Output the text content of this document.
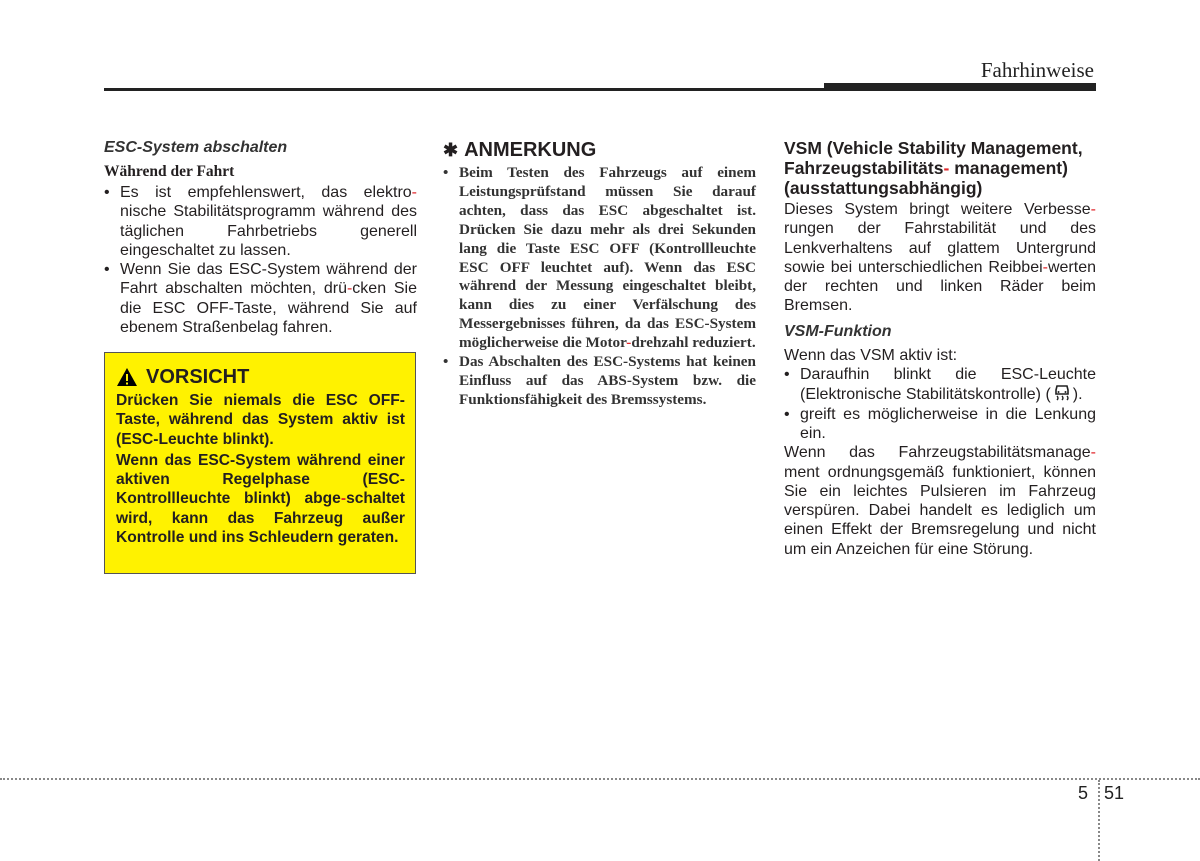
Fahrhinweise

ESC-System abschalten

Während der Fahrt

• Es ist empfehlenswert, das elektro- nische Stabilitätsprogramm während des täglichen Fahrbetriebs generell eingeschaltet zu lassen.
• Wenn Sie das ESC-System während der Fahrt abschalten möchten, drü-cken Sie die ESC OFF-Taste, während Sie auf ebenem Straßenbelag fahren.
VORSICHT

Drücken Sie niemals die ESC OFF-Taste, während das System aktiv ist (ESC-Leuchte blinkt).

Wenn das ESC-System während einer aktiven Regelphase (ESC-Kontrollleuchte blinkt) abge-schaltet wird, kann das Fahrzeug außer Kontrolle und ins Schleudern geraten.

✱ ANMERKUNG
• Beim Testen des Fahrzeugs auf einem Leistungsprüfstand müssen Sie darauf achten, dass das ESC abgeschaltet ist. Drücken Sie dazu mehr als drei Sekunden lang die Taste ESC OFF (Kontrollleuchte ESC OFF leuchtet auf). Wenn das ESC während der Messung eingeschaltet bleibt, kann dies zu einer Verfälschung des Messergebnisses führen, da das ESC-System möglicherweise die Motor-drehzahl reduziert.
• Das Abschalten des ESC-Systems hat keinen Einfluss auf das ABS-System bzw. die Funktionsfähigkeit des Bremssystems.

VSM (Vehicle Stability Management, Fahrzeugstabilitäts- management) (ausstattungsabhängig)

Dieses System bringt weitere Verbesse-rungen der Fahrstabilität und des Lenkverhaltens auf glattem Untergrund sowie bei unterschiedlichen Reibbei-werten der rechten und linken Räder beim Bremsen.

VSM-Funktion

Wenn das VSM aktiv ist:

• Daraufhin blinkt die ESC-Leuchte (Elektronische Stabilitätskontrolle) ( ).
• greift es möglicherweise in die Lenkung ein.

Wenn das Fahrzeugstabilitätsmanage- ment ordnungsgemäß funktioniert, können Sie ein leichtes Pulsieren im Fahrzeug verspüren. Dabei handelt es lediglich um einen Effekt der Bremsregelung und nicht um ein Anzeichen für eine Störung.

5 51
